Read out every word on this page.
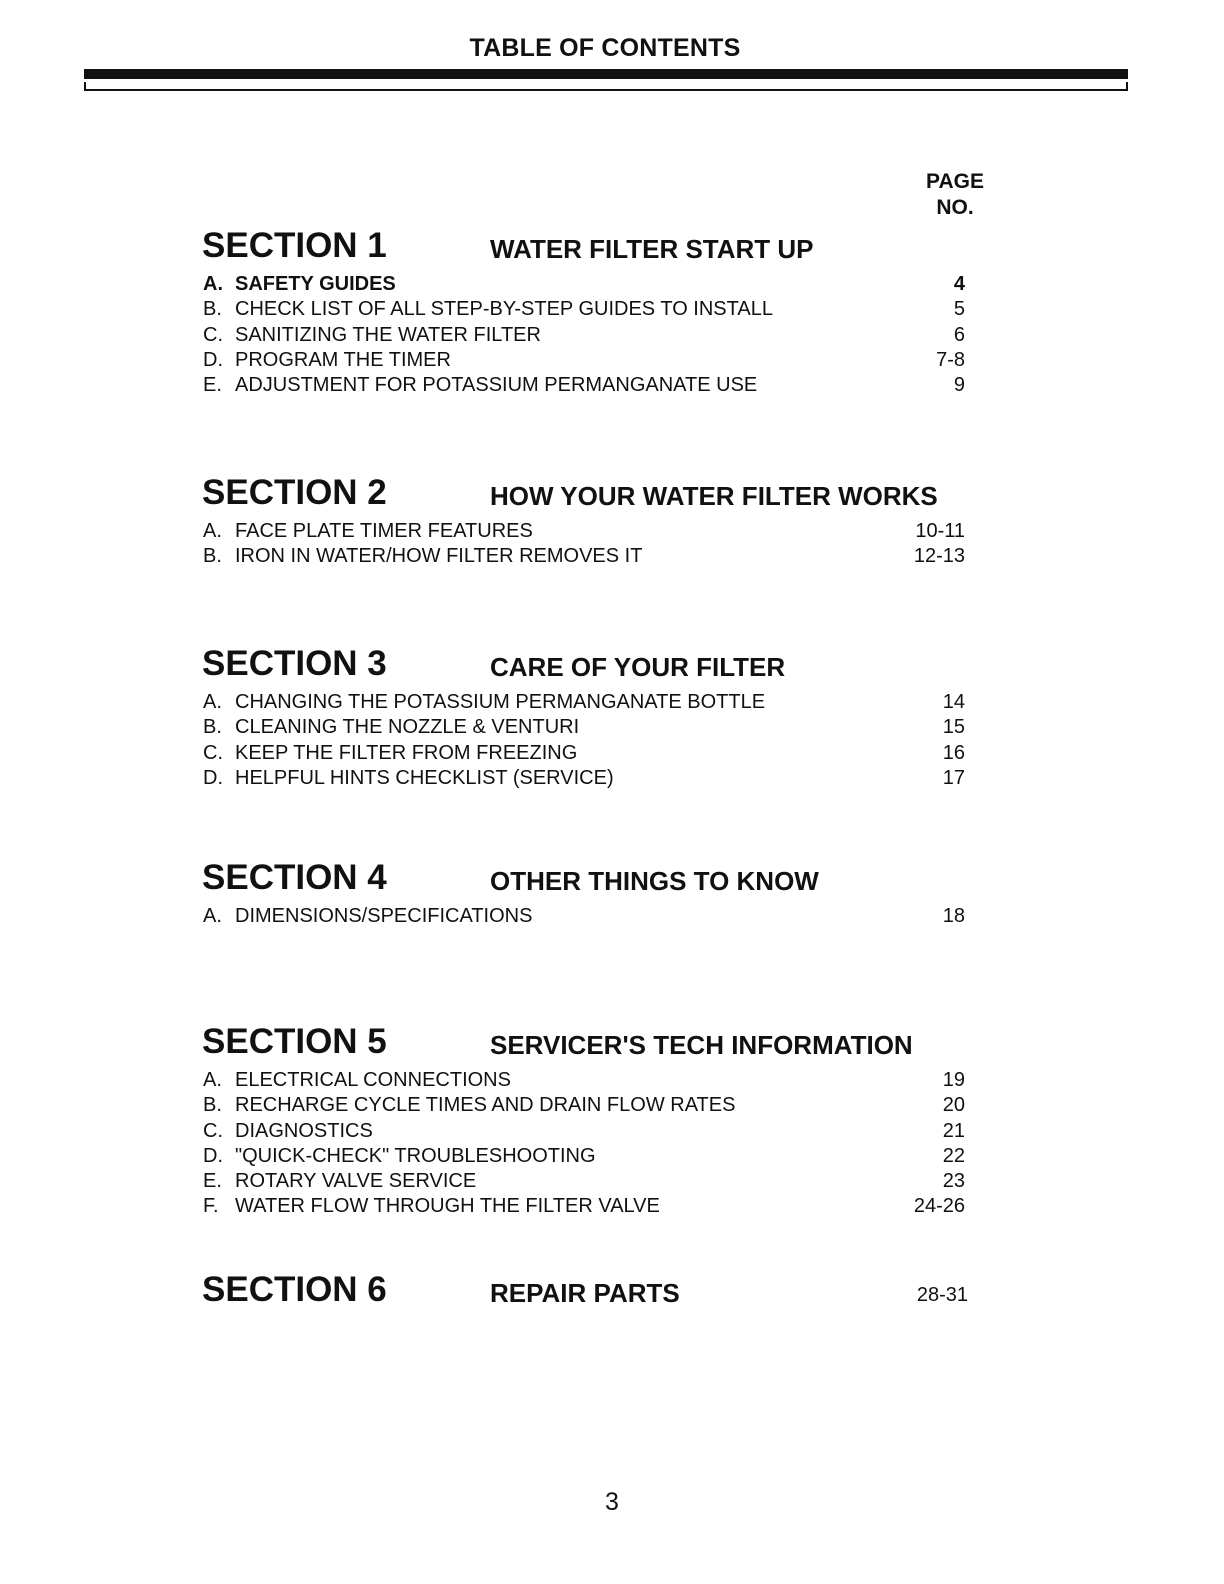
TABLE OF CONTENTS
PAGE
NO.
SECTION 1	WATER FILTER START UP
A. SAFETY GUIDES	4
B. CHECK LIST OF ALL STEP-BY-STEP GUIDES TO INSTALL	5
C. SANITIZING THE WATER FILTER	6
D. PROGRAM THE TIMER	7-8
E. ADJUSTMENT FOR POTASSIUM PERMANGANATE USE	9
SECTION 2	HOW YOUR WATER FILTER WORKS
A. FACE PLATE TIMER FEATURES	10-11
B. IRON IN WATER/HOW FILTER REMOVES IT	12-13
SECTION 3	CARE OF YOUR FILTER
A. CHANGING THE POTASSIUM PERMANGANATE BOTTLE	14
B. CLEANING THE NOZZLE & VENTURI	15
C. KEEP THE FILTER FROM FREEZING	16
D. HELPFUL HINTS CHECKLIST (SERVICE)	17
SECTION 4	OTHER THINGS TO KNOW
A. DIMENSIONS/SPECIFICATIONS	18
SECTION 5	SERVICER'S TECH INFORMATION
A. ELECTRICAL CONNECTIONS	19
B. RECHARGE CYCLE TIMES AND DRAIN FLOW RATES	20
C. DIAGNOSTICS	21
D. "QUICK-CHECK" TROUBLESHOOTING	22
E. ROTARY VALVE SERVICE	23
F. WATER FLOW THROUGH THE FILTER VALVE	24-26
SECTION 6	REPAIR PARTS	28-31
3
